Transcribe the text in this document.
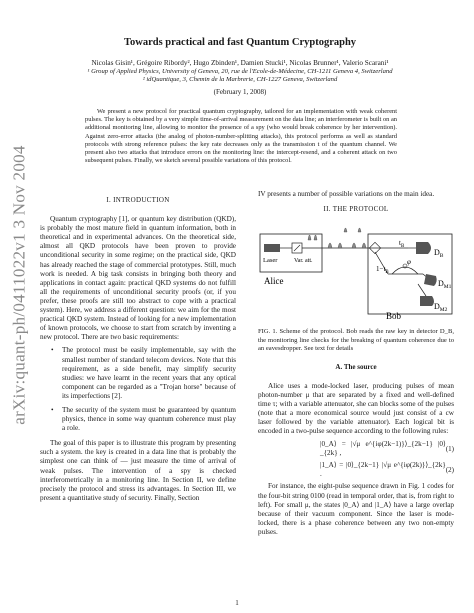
arXiv:quant-ph/0411022v1 3 Nov 2004
Towards practical and fast Quantum Cryptography
Nicolas Gisin¹, Grégoire Ribordy², Hugo Zbinden¹, Damien Stucki¹, Nicolas Brunner¹, Valerio Scarani¹
¹ Group of Applied Physics, University of Geneva, 20, rue de l'Ecole-de-Médecine, CH-1211 Geneva 4, Switzerland
² idQuantique, 3, Chemin de la Marbrerie, CH-1227 Geneva, Switzerland
(February 1, 2008)
We present a new protocol for practical quantum cryptography, tailored for an implementation with weak coherent pulses. The key is obtained by a very simple time-of-arrival measurement on the data line; an interferometer is built on an additional monitoring line, allowing to monitor the presence of a spy (who would break coherence by her intervention). Against zero-error attacks (the analog of photon-number-splitting attacks), this protocol performs as well as standard protocols with strong reference pulses: the key rate decreases only as the transmission t of the quantum channel. We present also two attacks that introduce errors on the monitoring line: the intercept-resend, and a coherent attack on two subsequent pulses. Finally, we sketch several possible variations of this protocol.
I. INTRODUCTION

Quantum cryptography [1], or quantum key distribution (QKD), is probably the most mature field in quantum information, both in theoretical and in experimental advances. On the theoretical side, almost all QKD protocols have been proven to provide unconditional security in some regime; on the practical side, QKD has already reached the stage of commercial prototypes. Still, much work is needed. A big task consists in bringing both theory and applications in contact again: practical QKD systems do not fulfill all the requirements of unconditional security proofs (or, if you prefer, these proofs are still too abstract to cope with a practical system). Here, we address a different question: we aim for the most practical QKD system. Instead of looking for a new implementation of known protocols, we choose to start from scratch by inventing a new protocol. There are two basic requirements:

• The protocol must be easily implementable, say with the smallest number of standard telecom devices. Note that this requirement, as a side benefit, may simplify security studies: we have learnt in the recent years that any optical component can be regarded as a "Trojan horse" because of its imperfections [2].
• The security of the system must be guaranteed by quantum physics, thence in some way quantum coherence must play a role.

The goal of this paper is to illustrate this program by presenting such a system. the key is created in a data line that is probably the simplest one can think of — just measure the time of arrival of weak pulses. The intervention of a spy is checked interferometrically in a monitoring line. In Section II, we define precisely the protocol and stress its advantages. In Section III, we present a quantitative study of security. Finally, Section

IV presents a number of possible variations on the main idea.

II. THE PROTOCOL
Laser	Var. att.
Alice
Bob
$t_B$
$D_B$
$1-t_B$
φ
$D_{M1}$
$D_{M2}$
FIG. 1. Scheme of the protocol. Bob reads the raw key in detector D_B, the monitoring line checks for the breaking of quantum coherence due to an eavesdropper. See text for details
A. The source

Alice uses a mode-locked laser, producing pulses of mean photon-number μ that are separated by a fixed and well-defined time τ; with a variable attenuator, she can blocks some of the pulses (note that a more economical source would just consist of a cw laser followed by the variable attenuator). Each logical bit is encoded in a two-pulse sequence according to the following rules:

|0_A⟩ = |√μ e^{iφ(2k−1)}⟩_{2k−1} |0⟩_{2k} ,
(1)
|1_A⟩ = |0⟩_{2k−1} |√μ e^{iφ(2k)}⟩_{2k} .
(2)

For instance, the eight-pulse sequence drawn in Fig. 1 codes for the four-bit string 0100 (read in temporal order, that is, from right to left). For small μ, the states |0_A⟩ and |1_A⟩ have a large overlap because of their vacuum component. Since the laser is mode-locked, there is a phase coherence between any two non-empty pulses.

1
